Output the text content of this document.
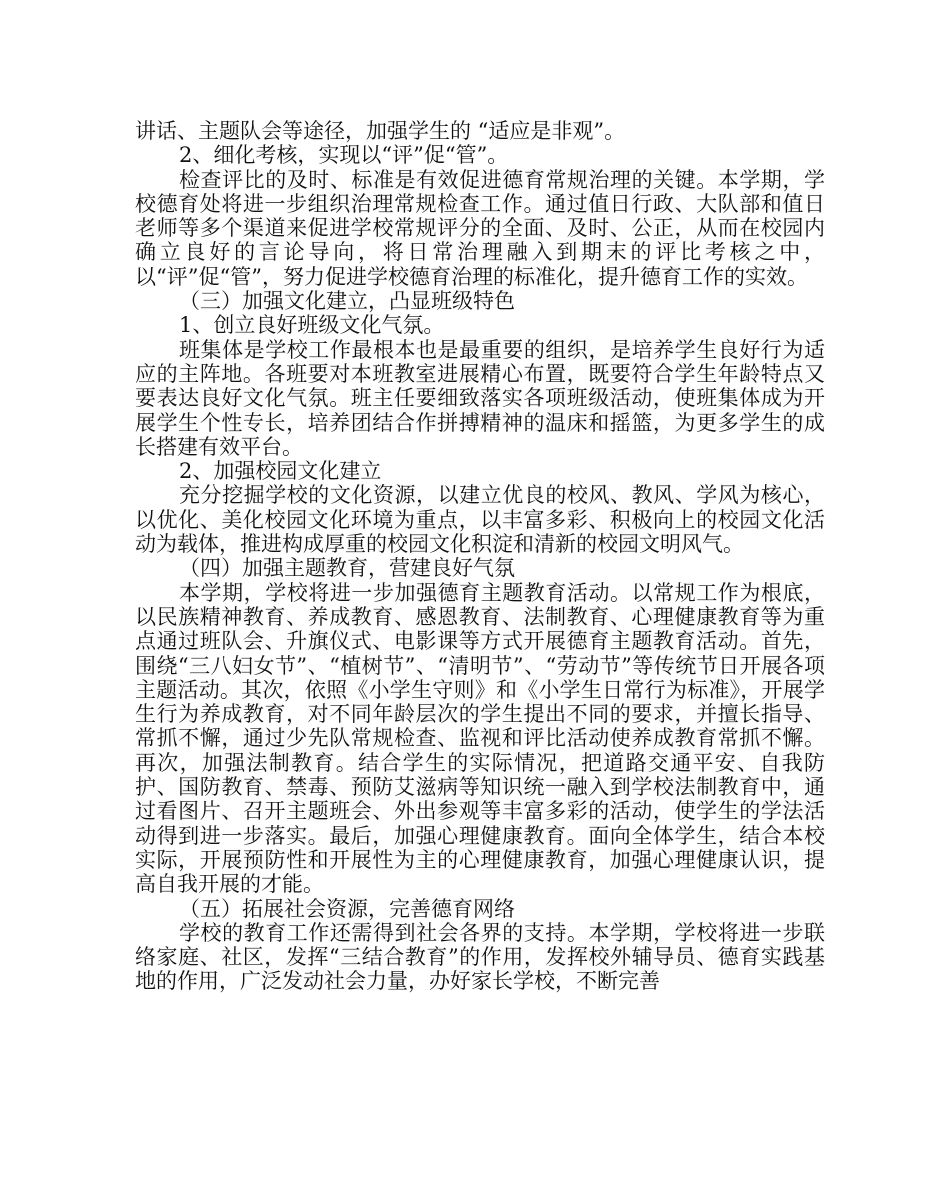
讲话、主题队会等途径，加强学生的 “适应是非观”。

2、细化考核，实现以“评”促“管”。

检查评比的及时、标准是有效促进德育常规治理的关键。本学期，学校德育处将进一步组织治理常规检查工作。通过值日行政、大队部和值日老师等多个渠道来促进学校常规评分的全面、及时、公正，从而在校园内确立良好的言论导向，将日常治理融入到期末的评比考核之中，以“评”促“管”，努力促进学校德育治理的标准化，提升德育工作的实效。

（三）加强文化建立，凸显班级特色

1、创立良好班级文化气氛。

班集体是学校工作最根本也是最重要的组织，是培养学生良好行为适应的主阵地。各班要对本班教室进展精心布置，既要符合学生年龄特点又要表达良好文化气氛。班主任要细致落实各项班级活动，使班集体成为开展学生个性专长，培养团结合作拼搏精神的温床和摇篮，为更多学生的成长搭建有效平台。

2、加强校园文化建立

充分挖掘学校的文化资源，以建立优良的校风、教风、学风为核心，以优化、美化校园文化环境为重点，以丰富多彩、积极向上的校园文化活动为载体，推进构成厚重的校园文化积淀和清新的校园文明风气。

（四）加强主题教育，营建良好气氛

本学期，学校将进一步加强德育主题教育活动。以常规工作为根底，以民族精神教育、养成教育、感恩教育、法制教育、心理健康教育等为重点通过班队会、升旗仪式、电影课等方式开展德育主题教育活动。首先，围绕“三八妇女节”、“植树节”、“清明节”、“劳动节”等传统节日开展各项主题活动。其次，依照《小学生守则》和《小学生日常行为标准》，开展学生行为养成教育，对不同年龄层次的学生提出不同的要求，并擅长指导、常抓不懈，通过少先队常规检查、监视和评比活动使养成教育常抓不懈。再次，加强法制教育。结合学生的实际情况，把道路交通平安、自我防护、国防教育、禁毒、预防艾滋病等知识统一融入到学校法制教育中，通过看图片、召开主题班会、外出参观等丰富多彩的活动，使学生的学法活动得到进一步落实。最后，加强心理健康教育。面向全体学生，结合本校实际，开展预防性和开展性为主的心理健康教育，加强心理健康认识，提高自我开展的才能。

（五）拓展社会资源，完善德育网络

学校的教育工作还需得到社会各界的支持。本学期，学校将进一步联络家庭、社区，发挥“三结合教育”的作用，发挥校外辅导员、德育实践基地的作用，广泛发动社会力量，办好家长学校，不断完善
